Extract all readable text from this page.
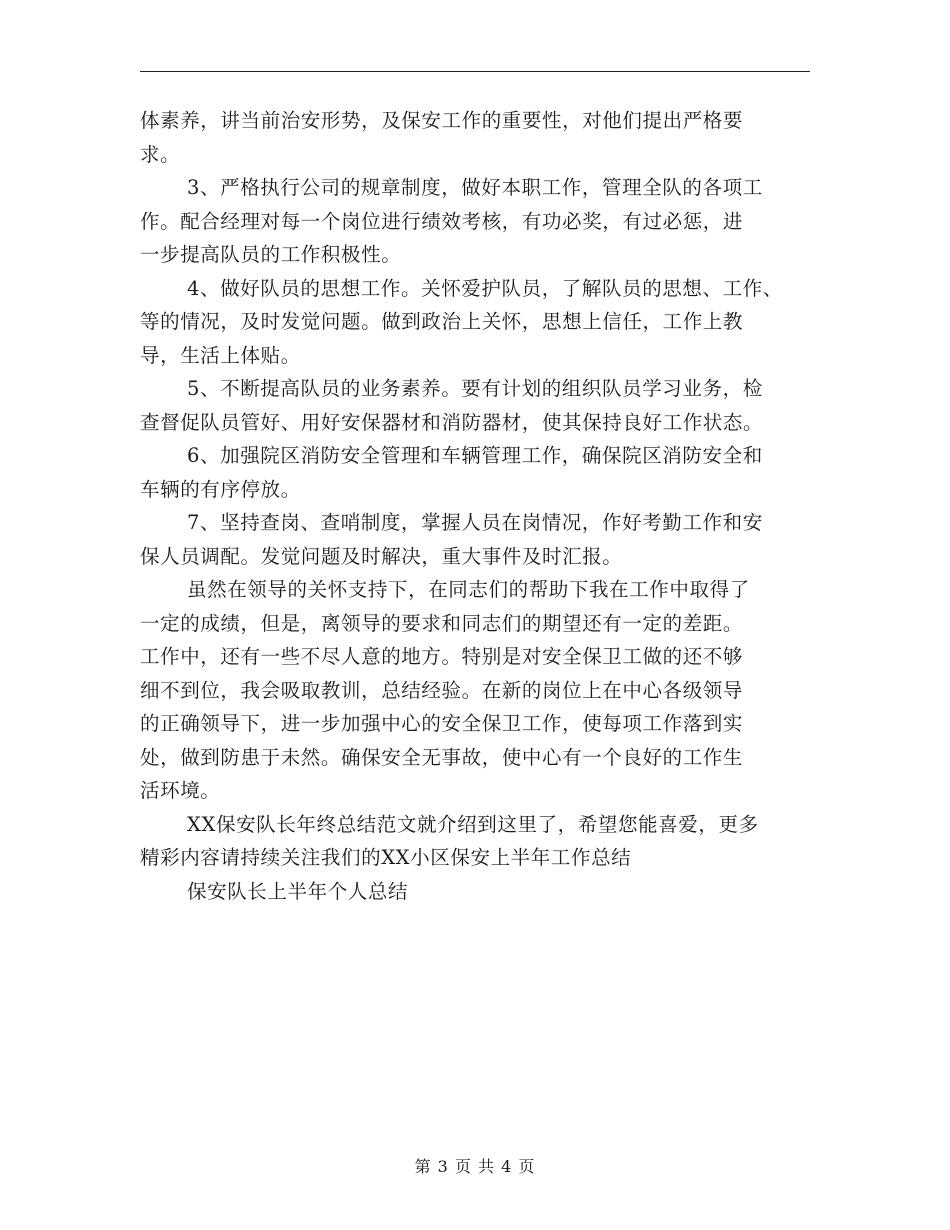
体素养，讲当前治安形势，及保安工作的重要性，对他们提出严格要
求。
3、严格执行公司的规章制度，做好本职工作，管理全队的各项工
作。配合经理对每一个岗位进行绩效考核，有功必奖，有过必惩，进
一步提高队员的工作积极性。
4、做好队员的思想工作。关怀爱护队员，了解队员的思想、工作、
等的情况，及时发觉问题。做到政治上关怀，思想上信任，工作上教
导，生活上体贴。
5、不断提高队员的业务素养。要有计划的组织队员学习业务，检
查督促队员管好、用好安保器材和消防器材，使其保持良好工作状态。
6、加强院区消防安全管理和车辆管理工作，确保院区消防安全和
车辆的有序停放。
7、坚持查岗、查哨制度，掌握人员在岗情况，作好考勤工作和安
保人员调配。发觉问题及时解决，重大事件及时汇报。
虽然在领导的关怀支持下，在同志们的帮助下我在工作中取得了
一定的成绩，但是，离领导的要求和同志们的期望还有一定的差距。
工作中，还有一些不尽人意的地方。特别是对安全保卫工做的还不够
细不到位，我会吸取教训，总结经验。在新的岗位上在中心各级领导
的正确领导下，进一步加强中心的安全保卫工作，使每项工作落到实
处，做到防患于未然。确保安全无事故，使中心有一个良好的工作生
活环境。
XX保安队长年终总结范文就介绍到这里了，希望您能喜爱，更多
精彩内容请持续关注我们的XX小区保安上半年工作总结
保安队长上半年个人总结
第 3 页 共 4 页
